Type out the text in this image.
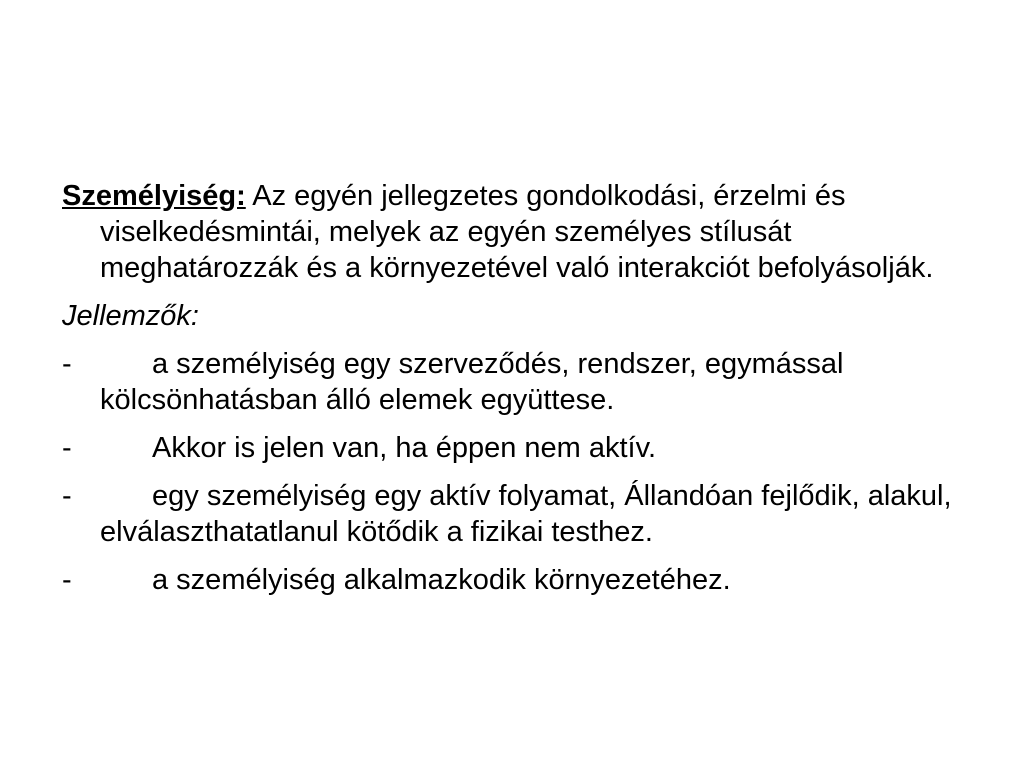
Személyiség: Az egyén jellegzetes gondolkodási, érzelmi és viselkedésmintái, melyek az egyén személyes stílusát meghatározzák és a környezetével való interakciót befolyásolják.

Jellemzők:

-	a személyiség egy szerveződés, rendszer, egymással kölcsönhatásban álló elemek együttese.

-	Akkor is jelen van, ha éppen nem aktív.

-	egy személyiség egy aktív folyamat, Állandóan fejlődik, alakul, elválaszthatatlanul kötődik a fizikai testhez.

-	a személyiség alkalmazkodik környezetéhez.
